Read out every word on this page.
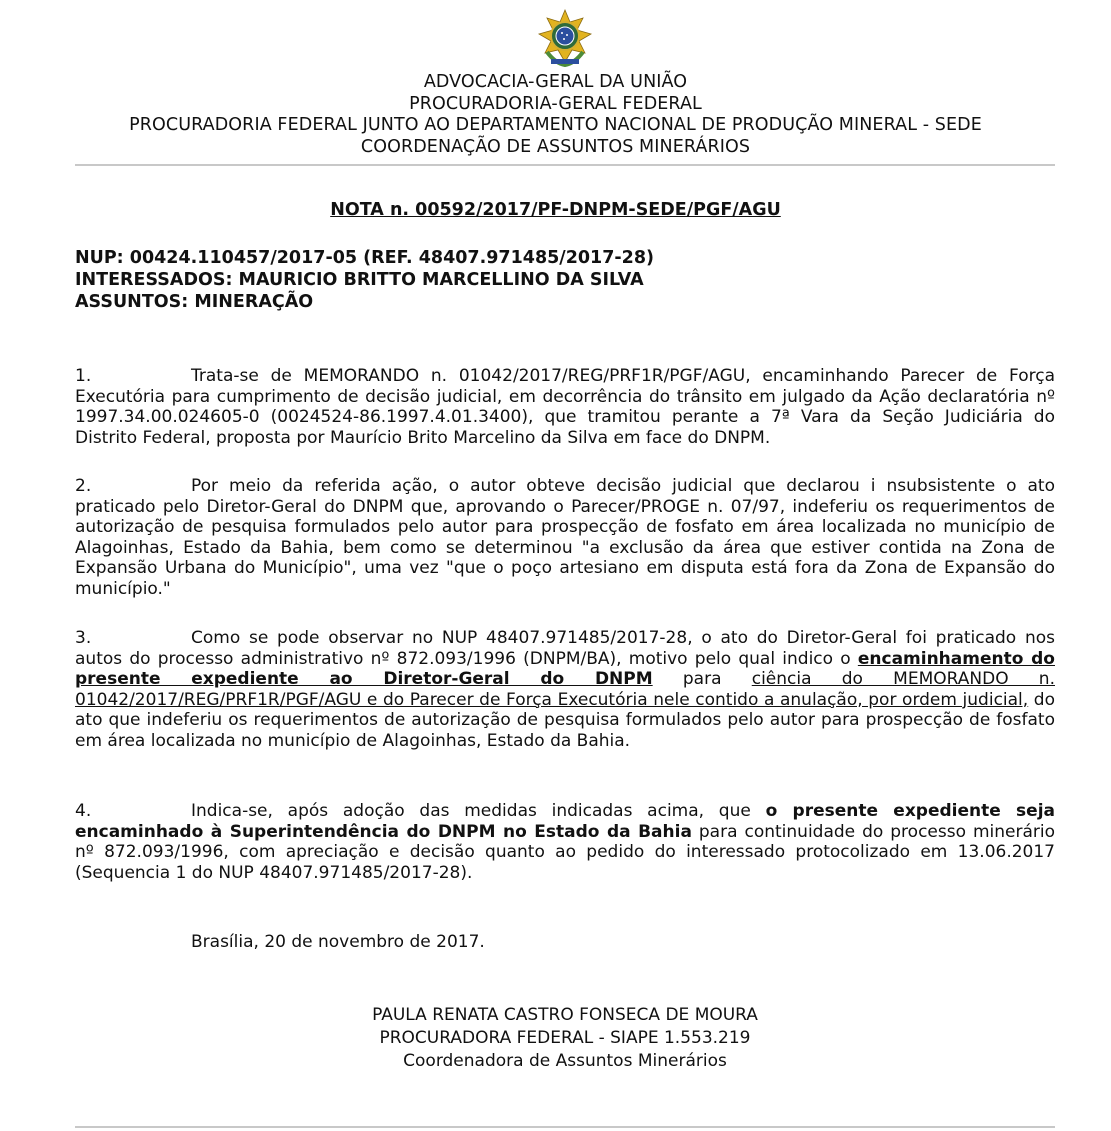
ADVOCACIA-GERAL DA UNIÃO
PROCURADORIA-GERAL FEDERAL
PROCURADORIA FEDERAL JUNTO AO DEPARTAMENTO NACIONAL DE PRODUÇÃO MINERAL - SEDE
COORDENAÇÃO DE ASSUNTOS MINERÁRIOS
NOTA n. 00592/2017/PF-DNPM-SEDE/PGF/AGU
NUP: 00424.110457/2017-05 (REF. 48407.971485/2017-28)
INTERESSADOS: MAURICIO BRITTO MARCELLINO DA SILVA
ASSUNTOS: MINERAÇÃO
1.	Trata-se de MEMORANDO n. 01042/2017/REG/PRF1R/PGF/AGU, encaminhando Parecer de Força Executória para cumprimento de decisão judicial, em decorrência do trânsito em julgado da Ação declaratória nº 1997.34.00.024605-0 (0024524-86.1997.4.01.3400), que tramitou perante a 7ª Vara da Seção Judiciária do Distrito Federal, proposta por Maurício Brito Marcelino da Silva em face do DNPM.
2.	Por meio da referida ação, o autor obteve decisão judicial que declarou i nsubsistente o ato praticado pelo Diretor-Geral do DNPM que, aprovando o Parecer/PROGE n. 07/97, indeferiu os requerimentos de autorização de pesquisa formulados pelo autor para prospecção de fosfato em área localizada no município de Alagoinhas, Estado da Bahia, bem como se determinou "a exclusão da área que estiver contida na Zona de Expansão Urbana do Município", uma vez "que o poço artesiano em disputa está fora da Zona de Expansão do município."
3.	Como se pode observar no NUP 48407.971485/2017-28, o ato do Diretor-Geral foi praticado nos autos do processo administrativo nº 872.093/1996 (DNPM/BA), motivo pelo qual indico o encaminhamento do presente expediente ao Diretor-Geral do DNPM para ciência do MEMORANDO n. 01042/2017/REG/PRF1R/PGF/AGU e do Parecer de Força Executória nele contido a anulação, por ordem judicial, do ato que indeferiu os requerimentos de autorização de pesquisa formulados pelo autor para prospecção de fosfato em área localizada no município de Alagoinhas, Estado da Bahia.
4.	Indica-se, após adoção das medidas indicadas acima, que o presente expediente seja encaminhado à Superintendência do DNPM no Estado da Bahia para continuidade do processo minerário nº 872.093/1996, com apreciação e decisão quanto ao pedido do interessado protocolizado em 13.06.2017 (Sequencia 1 do NUP 48407.971485/2017-28).
Brasília, 20 de novembro de 2017.
PAULA RENATA CASTRO FONSECA DE MOURA
PROCURADORA FEDERAL - SIAPE 1.553.219
Coordenadora de Assuntos Minerários
